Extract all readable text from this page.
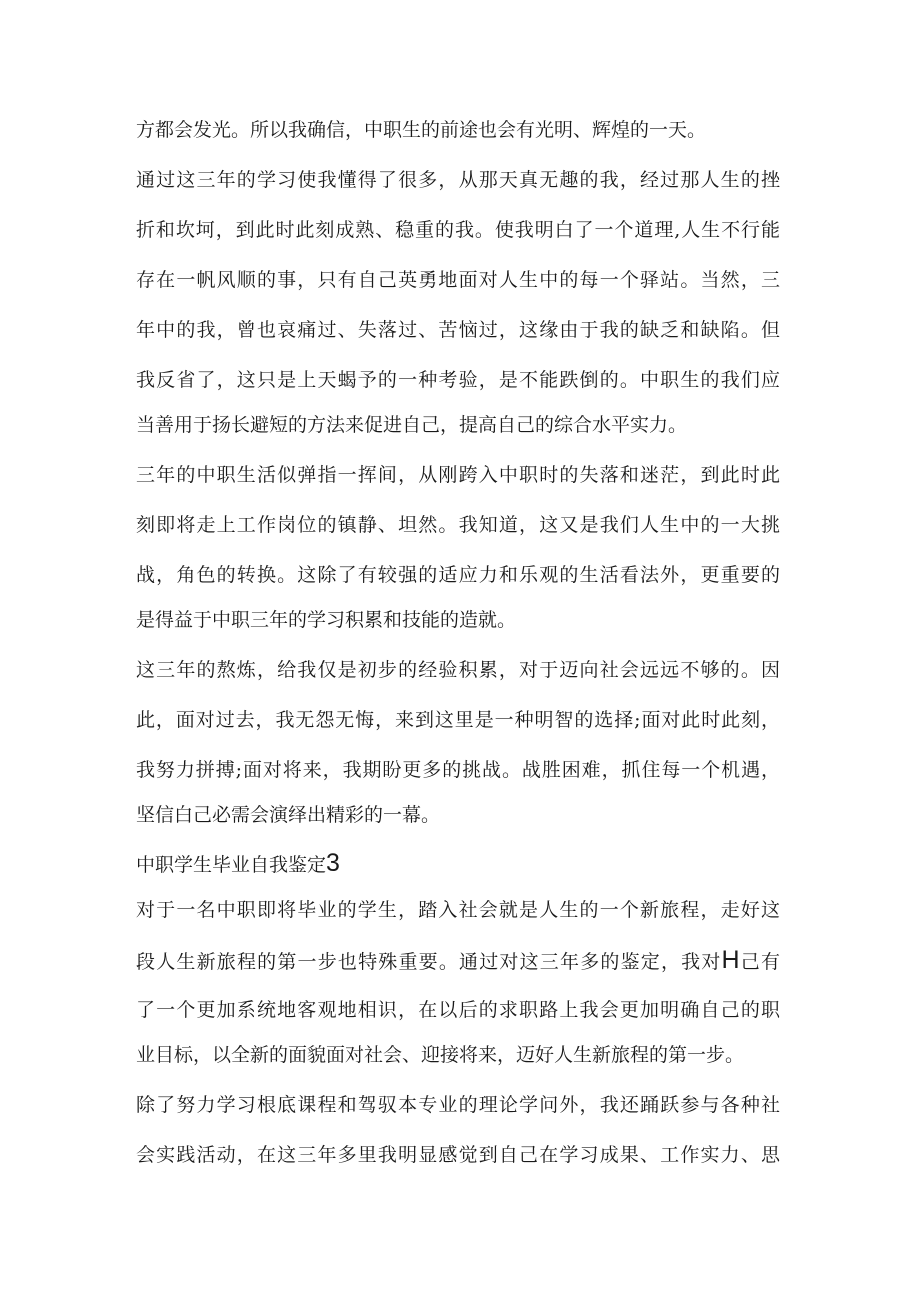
方都会发光。所以我确信，中职生的前途也会有光明、辉煌的一天。
通过这三年的学习使我懂得了很多，从那天真无趣的我，经过那人生的挫
折和坎坷，到此时此刻成熟、稳重的我。使我明白了一个道理,人生不行能
存在一帆风顺的事，只有自己英勇地面对人生中的每一个驿站。当然，三
年中的我，曾也哀痛过、失落过、苦恼过，这缘由于我的缺乏和缺陷。但
我反省了，这只是上天蝎予的一种考验，是不能跌倒的。中职生的我们应
当善用于扬长避短的方法来促进自己，提高自己的综合水平实力。
三年的中职生活似弹指一挥间，从刚跨入中职时的失落和迷茫，到此时此
刻即将走上工作岗位的镇静、坦然。我知道，这又是我们人生中的一大挑
战，角色的转换。这除了有较强的适应力和乐观的生活看法外，更重要的
是得益于中职三年的学习积累和技能的造就。
这三年的熬炼，给我仅是初步的经验积累，对于迈向社会远远不够的。因
此，面对过去，我无怨无悔，来到这里是一种明智的选择;面对此时此刻，
我努力拼搏;面对将来，我期盼更多的挑战。战胜困难，抓住每一个机遇，
坚信白己必需会演绎出精彩的一幕。
中职学生毕业自我鉴定3
对于一名中职即将毕业的学生，踏入社会就是人生的一个新旅程，走好这
段人生新旅程的第一步也特殊重要。通过对这三年多的鉴定，我对H己有
了一个更加系统地客观地相识，在以后的求职路上我会更加明确自己的职
业目标，以全新的面貌面对社会、迎接将来，迈好人生新旅程的第一步。
除了努力学习根底课程和驾驭本专业的理论学问外，我还踊跃参与各种社
会实践活动，在这三年多里我明显感觉到自己在学习成果、工作实力、思
